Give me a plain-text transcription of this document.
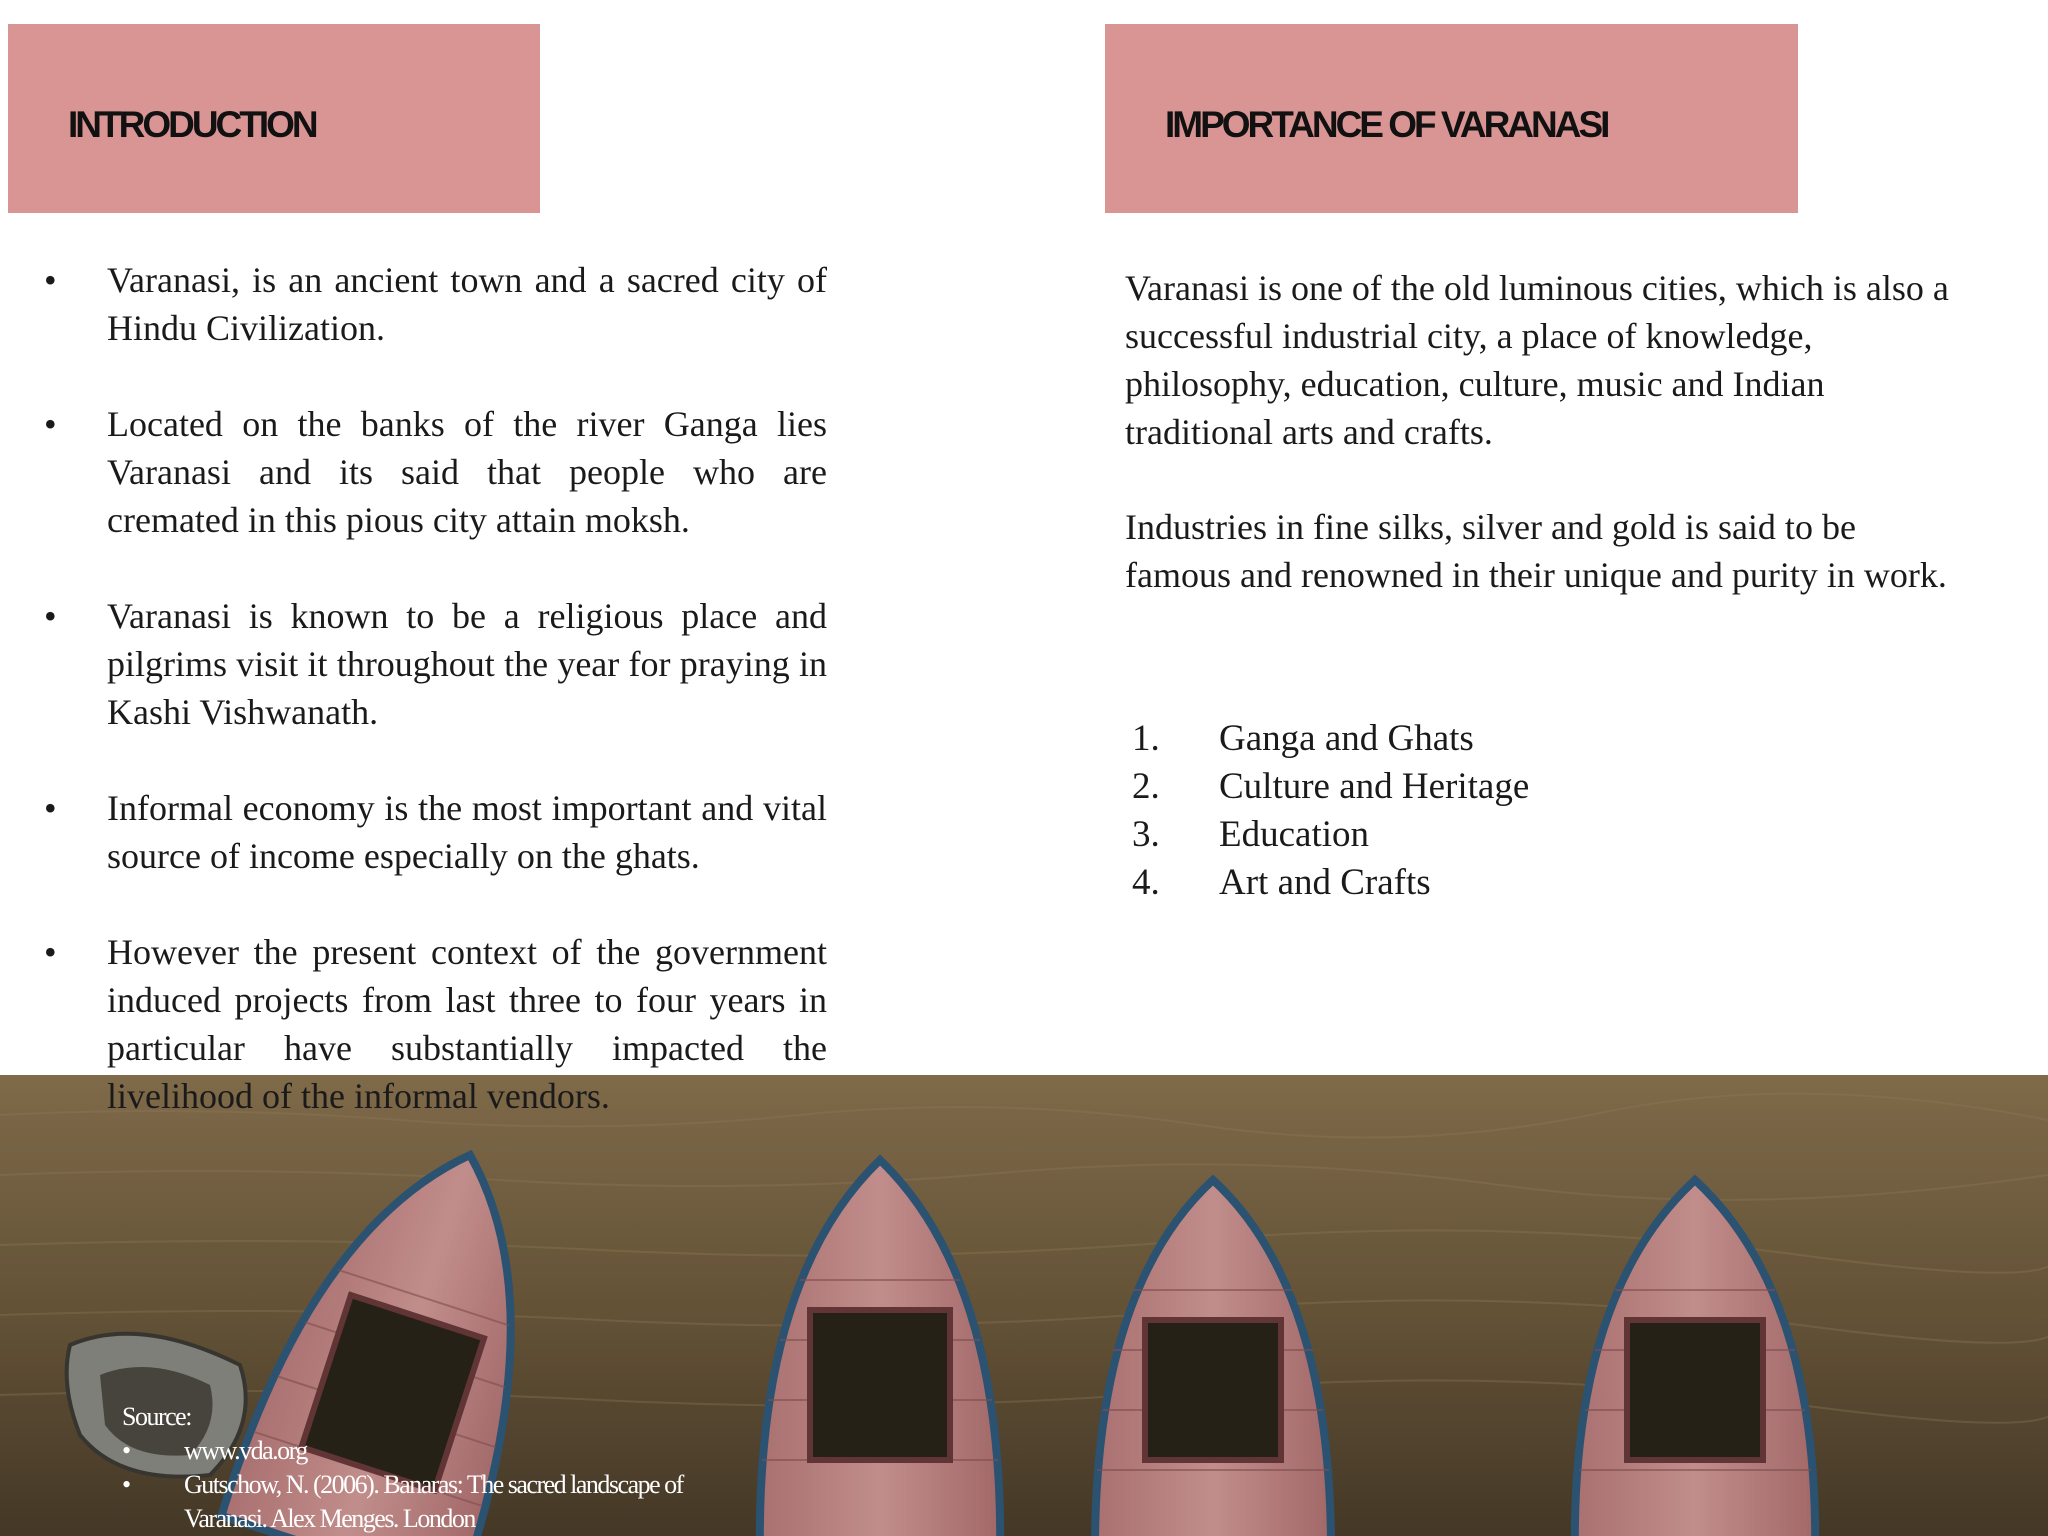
INTRODUCTION	IMPORTANCE OF VARANASI
• Varanasi, is an ancient town and a sacred city of Hindu Civilization.
• Located on the banks of the river Ganga lies Varanasi and its said that people who are cremated in this pious city attain moksh.
• Varanasi is known to be a religious place and pilgrims visit it throughout the year for praying in Kashi Vishwanath.
• Informal economy is the most important and vital source of income especially on the ghats.
• However the present context of the government induced projects from last three to four years in particular have substantially impacted the livelihood of the informal vendors.

Varanasi is one of the old luminous cities, which is also a successful industrial city, a place of knowledge, philosophy, education, culture, music and Indian traditional arts and crafts.

Industries in fine silks, silver and gold is said to be famous and renowned in their unique and purity in work.

1. Ganga and Ghats
2. Culture and Heritage
3. Education
4. Art and Crafts
Source:
• www.vda.org
• Gutschow, N. (2006). Banaras: The sacred landscape of Varanasi. Alex Menges. London
